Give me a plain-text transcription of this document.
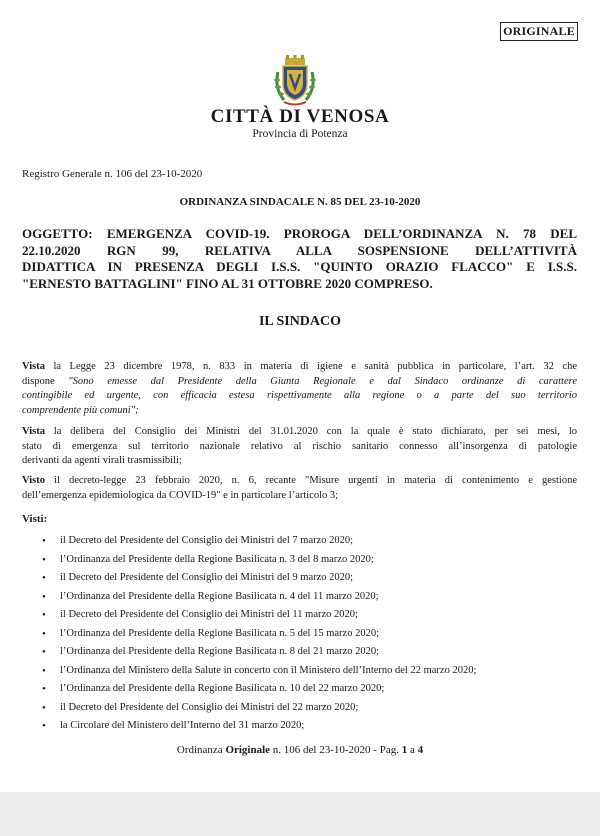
ORIGINALE
CITTÀ DI VENOSA
Provincia di Potenza
Registro Generale n. 106 del 23-10-2020
ORDINANZA SINDACALE N. 85 DEL 23-10-2020
OGGETTO: EMERGENZA COVID-19. PROROGA DELL’ORDINANZA N. 78 DEL
22.10.2020 RGN 99, RELATIVA ALLA SOSPENSIONE DELL’ATTIVITÀ
DIDATTICA IN PRESENZA DEGLI I.S.S. "QUINTO ORAZIO FLACCO" E I.S.S.
"ERNESTO BATTAGLINI" FINO AL 31 OTTOBRE 2020 COMPRESO.
IL SINDACO
Vista la Legge 23 dicembre 1978, n. 833 in materia di igiene e sanità pubblica in particolare, l’art. 32 che
dispone "Sono emesse dal Presidente della Giunta Regionale e dal Sindaco ordinanze di carattere
contingibile ed urgente, con efficacia estesa rispettivamente alla regione o a parte del suo territorio
comprendente più comuni";
Vista la delibera del Consiglio dei Ministri del 31.01.2020 con la quale è stato dichiarato, per sei mesi, lo
stato di emergenza sul territorio nazionale relativo al rischio sanitario connesso all’insorgenza di patologie
derivanti da agenti virali trasmissibili;
Visto il decreto-legge 23 febbraio 2020, n. 6, recante "Misure urgenti in materia di contenimento e gestione
dell’emergenza epidemiologica da COVID-19" e in particolare l’articolo 3;
Visti:
• il Decreto del Presidente del Consiglio dei Ministri del 7 marzo 2020;
• l’Ordinanza del Presidente della Regione Basilicata n. 3 del 8 marzo 2020;
• il Decreto del Presidente del Consiglio dei Ministri del 9 marzo 2020;
• l’Ordinanza del Presidente della Regione Basilicata n. 4 del 11 marzo 2020;
• il Decreto del Presidente del Consiglio dei Ministri del 11 marzo 2020;
• l’Ordinanza del Presidente della Regione Basilicata n. 5 del 15 marzo 2020;
• l’Ordinanza del Presidente della Regione Basilicata n. 8 del 21 marzo 2020;
• l’Ordinanza del Ministero della Salute in concerto con il Ministero dell’Interno del 22 marzo 2020;
• l’Ordinanza del Presidente della Regione Basilicata n. 10 del 22 marzo 2020;
• il Decreto del Presidente del Consiglio dei Ministri del 22 marzo 2020;
• la Circolare del Ministero dell’Interno del 31 marzo 2020;
Ordinanza Originale n. 106 del 23-10-2020 - Pag. 1 a 4
